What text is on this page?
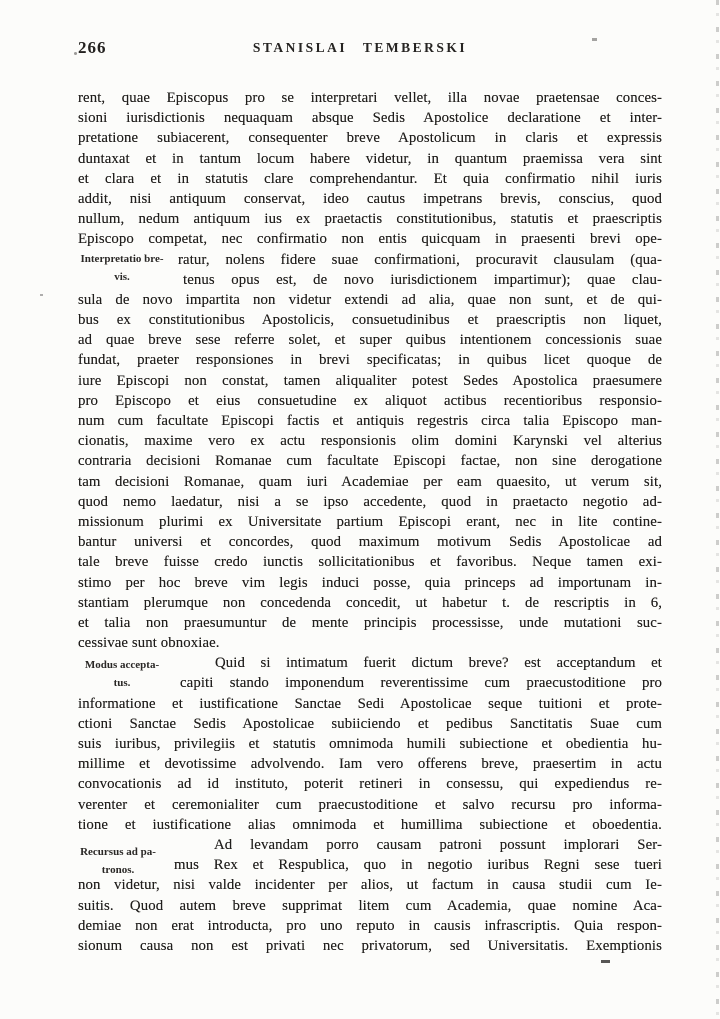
266	STANISLAI TEMBERSKI
Interpretatio bre-
vis.
Modus accepta-
tus.
Recursus ad pa-
tronos.
rent, quae Episcopus pro se interpretari vellet, illa novae praetensae conces-
sioni iurisdictionis nequaquam absque Sedis Apostolice declaratione et inter-
pretatione subiacerent, consequenter breve Apostolicum in claris et expressis
duntaxat et in tantum locum habere videtur, in quantum praemissa vera sint
et clara et in statutis clare comprehendantur. Et quia confirmatio nihil iuris
addit, nisi antiquum conservat, ideo cautus impetrans brevis, conscius, quod
nullum, nedum antiquum ius ex praetactis constitutionibus, statutis et praescriptis
Episcopo competat, nec confirmatio non entis quicquam in praesenti brevi ope-
ratur, nolens fidere suae confirmationi, procuravit clausulam (qua-
tenus opus est, de novo iurisdictionem impartimur); quae clau-
sula de novo impartita non videtur extendi ad alia, quae non sunt, et de qui-
bus ex constitutionibus Apostolicis, consuetudinibus et praescriptis non liquet,
ad quae breve sese referre solet, et super quibus intentionem concessionis suae
fundat, praeter responsiones in brevi specificatas; in quibus licet quoque de
iure Episcopi non constat, tamen aliqualiter potest Sedes Apostolica praesumere
pro Episcopo et eius consuetudine ex aliquot actibus recentioribus responsio-
num cum facultate Episcopi factis et antiquis regestris circa talia Episcopo man-
cionatis, maxime vero ex actu responsionis olim domini Karynski vel alterius
contraria decisioni Romanae cum facultate Episcopi factae, non sine derogatione
tam decisioni Romanae, quam iuri Academiae per eam quaesito, ut verum sit,
quod nemo laedatur, nisi a se ipso accedente, quod in praetacto negotio ad-
missionum plurimi ex Universitate partium Episcopi erant, nec in lite contine-
bantur universi et concordes, quod maximum motivum Sedis Apostolicae ad
tale breve fuisse credo iunctis sollicitationibus et favoribus. Neque tamen exi-
stimo per hoc breve vim legis induci posse, quia princeps ad importunam in-
stantiam plerumque non concedenda concedit, ut habetur t. de rescriptis in 6,
et talia non praesumuntur de mente principis processisse, unde mutationi suc-
cessivae sunt obnoxiae.
Quid si intimatum fuerit dictum breve? est acceptandum et
capiti stando imponendum reverentissime cum praecustoditione pro
informatione et iustificatione Sanctae Sedi Apostolicae seque tuitioni et prote-
ctioni Sanctae Sedis Apostolicae subiiciendo et pedibus Sanctitatis Suae cum
suis iuribus, privilegiis et statutis omnimoda humili subiectione et obedientia hu-
millime et devotissime advolvendo. Iam vero offerens breve, praesertim in actu
convocationis ad id instituto, poterit retineri in consessu, qui expediendus re-
verenter et ceremonialiter cum praecustoditione et salvo recursu pro informa-
tione et iustificatione alias omnimoda et humillima subiectione et oboedentia.
Ad levandam porro causam patroni possunt implorari Ser-
mus Rex et Respublica, quo in negotio iuribus Regni sese tueri
non videtur, nisi valde incidenter per alios, ut factum in causa studii cum Ie-
suitis. Quod autem breve supprimat litem cum Academia, quae nomine Aca-
demiae non erat introducta, pro uno reputo in causis infrascriptis. Quia respon-
sionum causa non est privati nec privatorum, sed Universitatis. Exemptionis
